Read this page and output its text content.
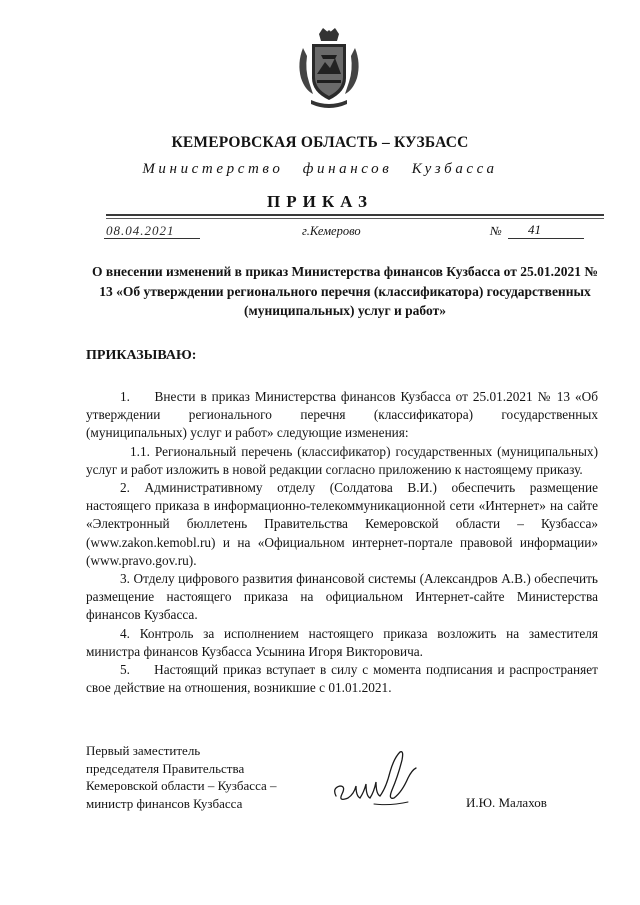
КЕМЕРОВСКАЯ ОБЛАСТЬ – КУЗБАСС
Министерство финансов Кузбасса
ПРИКАЗ
08.04.2021	г.Кемерово	№ 41
О внесении изменений в приказ Министерства финансов Кузбасса от 25.01.2021 № 13 «Об утверждении регионального перечня (классификатора) государственных (муниципальных) услуг и работ»
ПРИКАЗЫВАЮ:

1.     Внести в приказ Министерства финансов Кузбасса от 25.01.2021 № 13 «Об утверждении регионального перечня (классификатора) государственных (муниципальных) услуг и работ» следующие изменения:

1.1. Региональный перечень (классификатор) государственных (муниципальных) услуг и работ изложить в новой редакции согласно приложению к настоящему приказу.

2. Административному отделу (Солдатова В.И.) обеспечить размещение настоящего приказа в информационно-телекоммуникационной сети «Интернет» на сайте «Электронный бюллетень Правительства Кемеровской области – Кузбасса» (www.zakon.kemobl.ru) и на «Официальном интернет-портале правовой информации» (www.pravo.gov.ru).

3. Отделу цифрового развития финансовой системы (Александров А.В.) обеспечить размещение настоящего приказа на официальном Интернет-сайте Министерства финансов Кузбасса.

4. Контроль за исполнением настоящего приказа возложить на заместителя министра финансов Кузбасса Усынина Игоря Викторовича.

5.     Настоящий приказ вступает в силу с момента подписания и распространяет свое действие на отношения, возникшие с 01.01.2021.

Первый заместитель
председателя Правительства
Кемеровской области – Кузбасса –
министр финансов Кузбасса	И.Ю. Малахов
